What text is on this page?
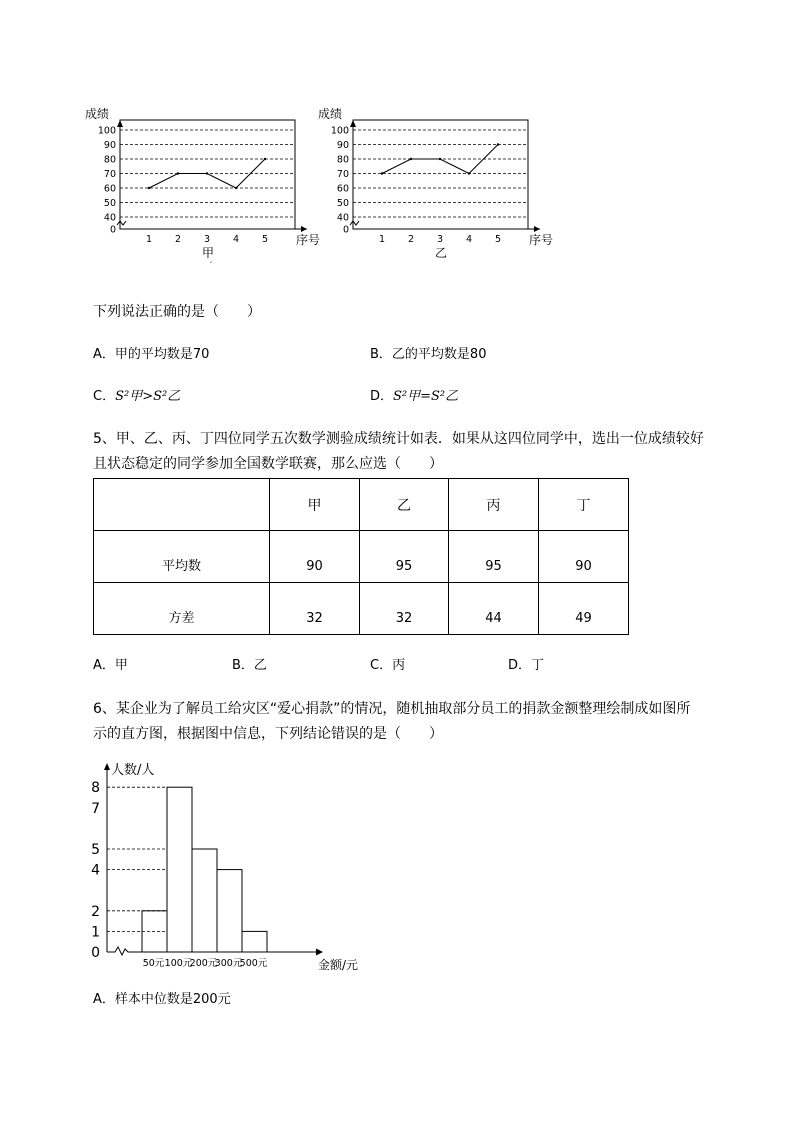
0
40
50
60
70
80
90
100
1 2 3 4 5
成绩
序号
甲
′
0
40
50
60
70
80
90
100
1 2 3 4 5
成绩
序号
乙
下列说法正确的是（　　）
A．甲的平均数是70	B．乙的平均数是80
C．S²甲>S²乙	D．S²甲=S²乙
5、甲、乙、丙、丁四位同学五次数学测验成绩统计如表．如果从这四位同学中，选出一位成绩较好
且状态稳定的同学参加全国数学联赛，那么应选（　　）
	甲	乙	丙	丁
平均数	90	95	95	90
方差	32	32	44	49
A．甲	B．乙	C．丙	D．丁
6、某企业为了解员工给灾区“爱心捐款”的情况，随机抽取部分员工的捐款金额整理绘制成如图所
示的直方图，根据图中信息，下列结论错误的是（　　）
0
1
2
4
5
7
8
50元 100元
200元
300元
500元
人数/人
金额/元
A．样本中位数是200元
